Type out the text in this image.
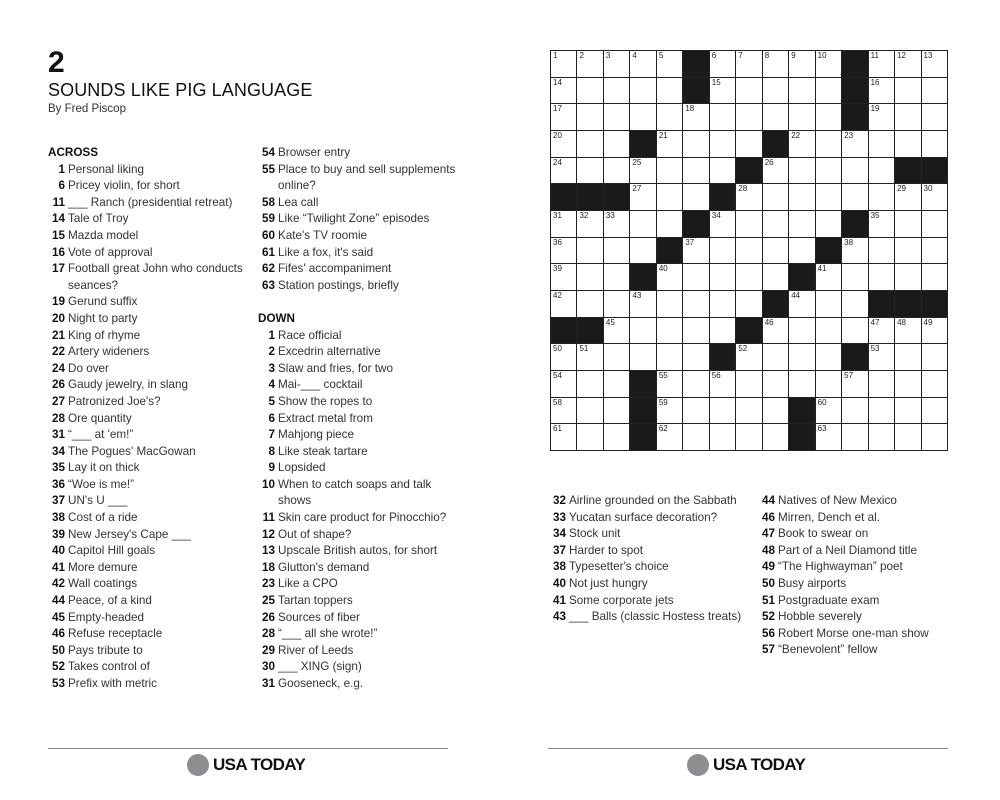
2
SOUNDS LIKE PIG LANGUAGE
By Fred Piscop
ACROSS
1 Personal liking
6 Pricey violin, for short
11 ___ Ranch (presidential retreat)
14 Tale of Troy
15 Mazda model
16 Vote of approval
17 Football great John who conducts seances?
19 Gerund suffix
20 Night to party
21 King of rhyme
22 Artery wideners
24 Do over
26 Gaudy jewelry, in slang
27 Patronized Joe's?
28 Ore quantity
31 “___ at 'em!”
34 The Pogues' MacGowan
35 Lay it on thick
36 “Woe is me!”
37 UN's U ___
38 Cost of a ride
39 New Jersey's Cape ___
40 Capitol Hill goals
41 More demure
42 Wall coatings
44 Peace, of a kind
45 Empty-headed
46 Refuse receptacle
50 Pays tribute to
52 Takes control of
53 Prefix with metric
54 Browser entry
55 Place to buy and sell supplements online?
58 Lea call
59 Like “Twilight Zone” episodes
60 Kate's TV roomie
61 Like a fox, it's said
62 Fifes' accompaniment
63 Station postings, briefly
DOWN
1 Race official
2 Excedrin alternative
3 Slaw and fries, for two
4 Mai-___ cocktail
5 Show the ropes to
6 Extract metal from
7 Mahjong piece
8 Like steak tartare
9 Lopsided
10 When to catch soaps and talk shows
11 Skin care product for Pinocchio?
12 Out of shape?
13 Upscale British autos, for short
18 Glutton's demand
23 Like a CPO
25 Tartan toppers
26 Sources of fiber
28 “___ all she wrote!”
29 River of Leeds
30 ___ XING (sign)
31 Gooseneck, e.g.
USA TODAY
1	2	3	4	5	6	7	8	9	10	11 12 13
14	15	16
17	18	19
20	21	22	23
24	25	26
27	28	29 30
31 32 33	34	35
36	37	38
39	40	41
42	43	44
45	46	47 48 49
50 51	52	53
54	55	56	57
58	59	60
61	62	63
32 Airline grounded on the Sabbath
33 Yucatan surface decoration?
34 Stock unit
37 Harder to spot
38 Typesetter's choice
40 Not just hungry
41 Some corporate jets
43 ___ Balls (classic Hostess treats)
44 Natives of New Mexico
46 Mirren, Dench et al.
47 Book to swear on
48 Part of a Neil Diamond title
49 “The Highwayman” poet
50 Busy airports
51 Postgraduate exam
52 Hobble severely
56 Robert Morse one-man show
57 “Benevolent” fellow
USA TODAY
